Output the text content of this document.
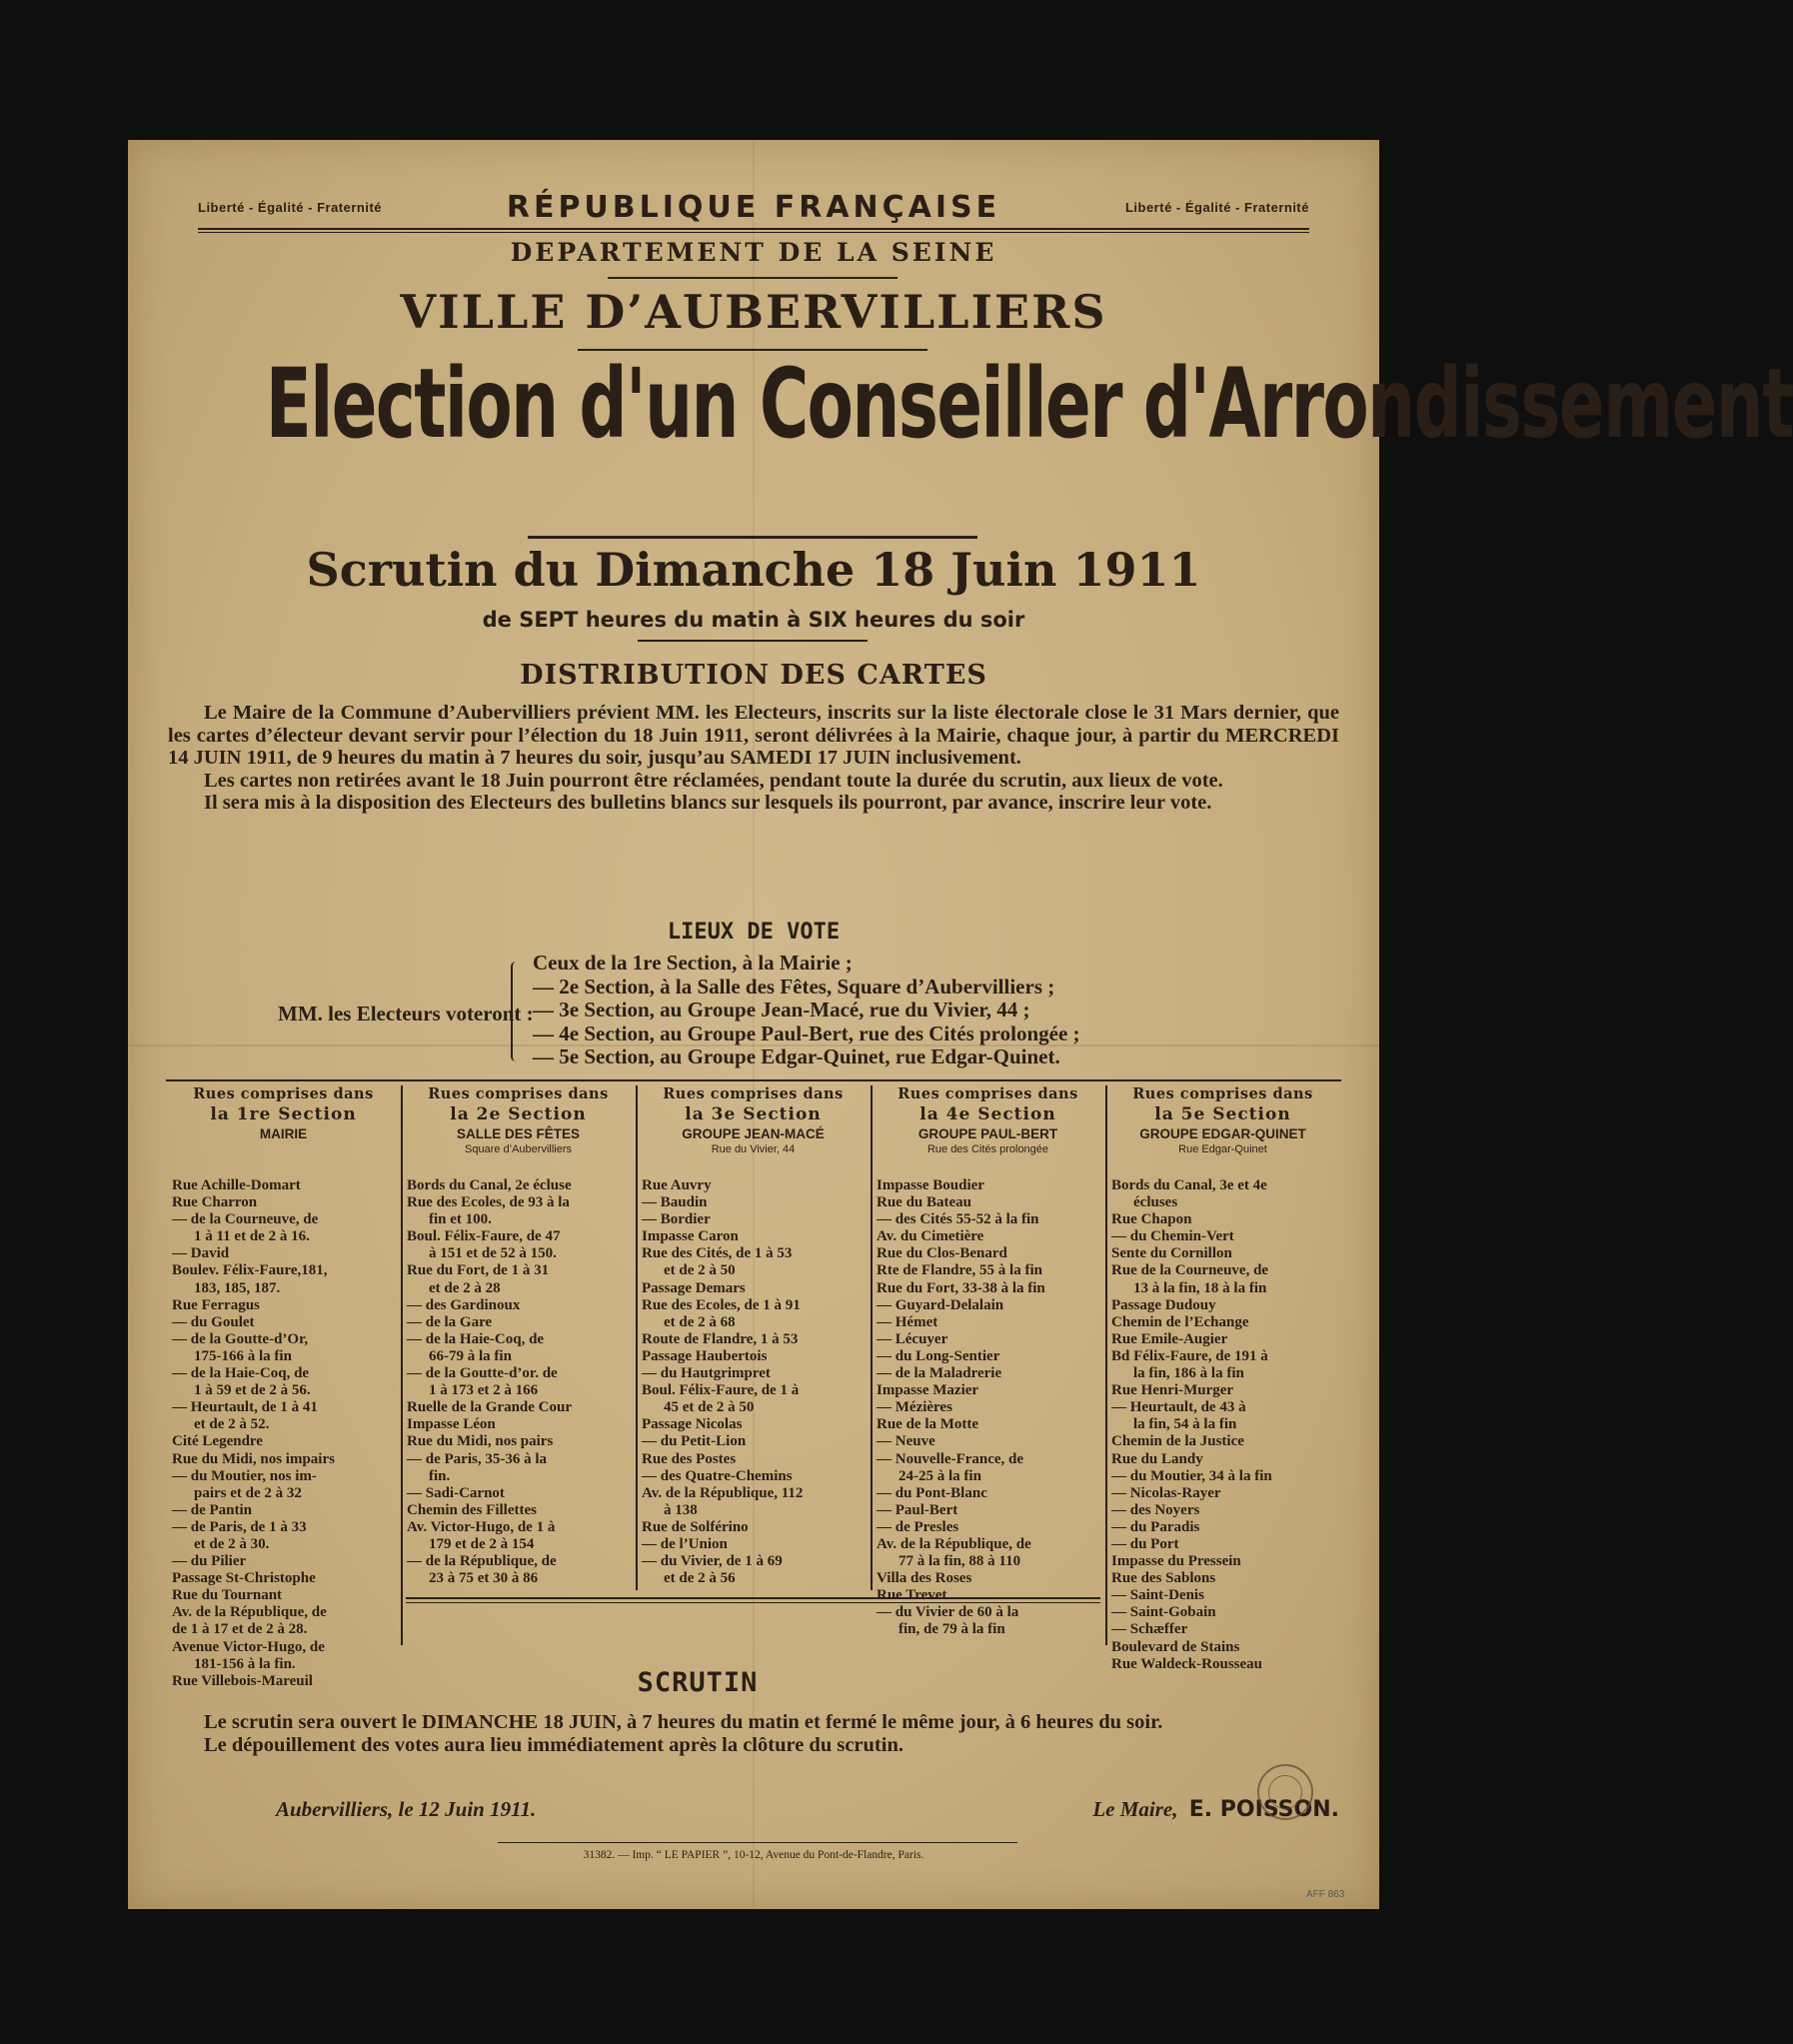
Liberté - Égalité - Fraternité	RÉPUBLIQUE FRANÇAISE	Liberté - Égalité - Fraternité
DEPARTEMENT DE LA SEINE
VILLE D’AUBERVILLIERS
Election d'un Conseiller d'Arrondissement
Scrutin du Dimanche 18 Juin 1911
de SEPT heures du matin à SIX heures du soir
DISTRIBUTION DES CARTES

Le Maire de la Commune d’Aubervilliers prévient MM. les Electeurs, inscrits sur la liste électorale close le 31 Mars dernier, que les cartes d’électeur devant servir pour l’élection du 18 Juin 1911, seront délivrées à la Mairie, chaque jour, à partir du MERCREDI 14 JUIN 1911, de 9 heures du matin à 7 heures du soir, jusqu’au SAMEDI 17 JUIN inclusivement.

Les cartes non retirées avant le 18 Juin pourront être réclamées, pendant toute la durée du scrutin, aux lieux de vote.

Il sera mis à la disposition des Electeurs des bulletins blancs sur lesquels ils pourront, par avance, inscrire leur vote.

LIEUX DE VOTE
MM. les Electeurs voteront :
Ceux de la 1re Section, à la Mairie ;
— 2e Section, à la Salle des Fêtes, Square d’Aubervilliers ;
— 3e Section, au Groupe Jean-Macé, rue du Vivier, 44 ;
— 4e Section, au Groupe Paul-Bert, rue des Cités prolongée ;
— 5e Section, au Groupe Edgar-Quinet, rue Edgar-Quinet.
Rues comprises dans
la 1re Section
MAIRIE
Rue Achille-Domart
Rue Charron
— de la Courneuve, de
1 à 11 et de 2 à 16.
— David
Boulev. Félix-Faure,181,
183, 185, 187.
Rue Ferragus
— du Goulet
— de la Goutte-d’Or,
175-166 à la fin
— de la Haie-Coq, de
1 à 59 et de 2 à 56.
— Heurtault, de 1 à 41
et de 2 à 52.
Cité Legendre
Rue du Midi, nos impairs
— du Moutier, nos im-
pairs et de 2 à 32
— de Pantin
— de Paris, de 1 à 33
et de 2 à 30.
— du Pilier
Passage St-Christophe
Rue du Tournant
Av. de la République, de
de 1 à 17 et de 2 à 28.
Avenue Victor-Hugo, de
181-156 à la fin.
Rue Villebois-Mareuil
Rues comprises dans
la 2e Section
SALLE DES FÊTES
Square d’Aubervilliers
Bords du Canal, 2e écluse
Rue des Ecoles, de 93 à la
fin et 100.
Boul. Félix-Faure, de 47
à 151 et de 52 à 150.
Rue du Fort, de 1 à 31
et de 2 à 28
— des Gardinoux
— de la Gare
— de la Haie-Coq, de
66-79 à la fin
— de la Goutte-d’or. de
1 à 173 et 2 à 166
Ruelle de la Grande Cour
Impasse Léon
Rue du Midi, nos pairs
— de Paris, 35-36 à la
fin.
— Sadi-Carnot
Chemin des Fillettes
Av. Victor-Hugo, de 1 à
179 et de 2 à 154
— de la République, de
23 à 75 et 30 à 86
Rues comprises dans
la 3e Section
GROUPE JEAN-MACÉ
Rue du Vivier, 44
Rue Auvry
— Baudin
— Bordier
Impasse Caron
Rue des Cités, de 1 à 53
et de 2 à 50
Passage Demars
Rue des Ecoles, de 1 à 91
et de 2 à 68
Route de Flandre, 1 à 53
Passage Haubertois
— du Hautgrimpret
Boul. Félix-Faure, de 1 à
45 et de 2 à 50
Passage Nicolas
— du Petit-Lion
Rue des Postes
— des Quatre-Chemins
Av. de la République, 112
à 138
Rue de Solférino
— de l’Union
— du Vivier, de 1 à 69
et de 2 à 56
Rues comprises dans
la 4e Section
GROUPE PAUL-BERT
Rue des Cités prolongée
Impasse Boudier
Rue du Bateau
— des Cités 55-52 à la fin
Av. du Cimetière
Rue du Clos-Benard
Rte de Flandre, 55 à la fin
Rue du Fort, 33-38 à la fin
— Guyard-Delalain
— Hémet
— Lécuyer
— du Long-Sentier
— de la Maladrerie
Impasse Mazier
— Mézières
Rue de la Motte
— Neuve
— Nouvelle-France, de
24-25 à la fin
— du Pont-Blanc
— Paul-Bert
— de Presles
Av. de la République, de
77 à la fin, 88 à 110
Villa des Roses
Rue Trevet
— du Vivier de 60 à la
fin, de 79 à la fin
Rues comprises dans
la 5e Section
GROUPE EDGAR-QUINET
Rue Edgar-Quinet
Bords du Canal, 3e et 4e
écluses
Rue Chapon
— du Chemin-Vert
Sente du Cornillon
Rue de la Courneuve, de
13 à la fin, 18 à la fin
Passage Dudouy
Chemin de l’Echange
Rue Emile-Augier
Bd Félix-Faure, de 191 à
la fin, 186 à la fin
Rue Henri-Murger
— Heurtault, de 43 à
la fin, 54 à la fin
Chemin de la Justice
Rue du Landy
— du Moutier, 34 à la fin
— Nicolas-Rayer
— des Noyers
— du Paradis
— du Port
Impasse du Pressein
Rue des Sablons
— Saint-Denis
— Saint-Gobain
— Schæffer
Boulevard de Stains
Rue Waldeck-Rousseau
SCRUTIN

Le scrutin sera ouvert le DIMANCHE 18 JUIN, à 7 heures du matin et fermé le même jour, à 6 heures du soir.

Le dépouillement des votes aura lieu immédiatement après la clôture du scrutin.

Aubervilliers, le 12 Juin 1911.	Le Maire, E. POISSON.
31382. — Imp. “ LE PAPIER ”, 10-12, Avenue du Pont-de-Flandre, Paris.
AFF 863
